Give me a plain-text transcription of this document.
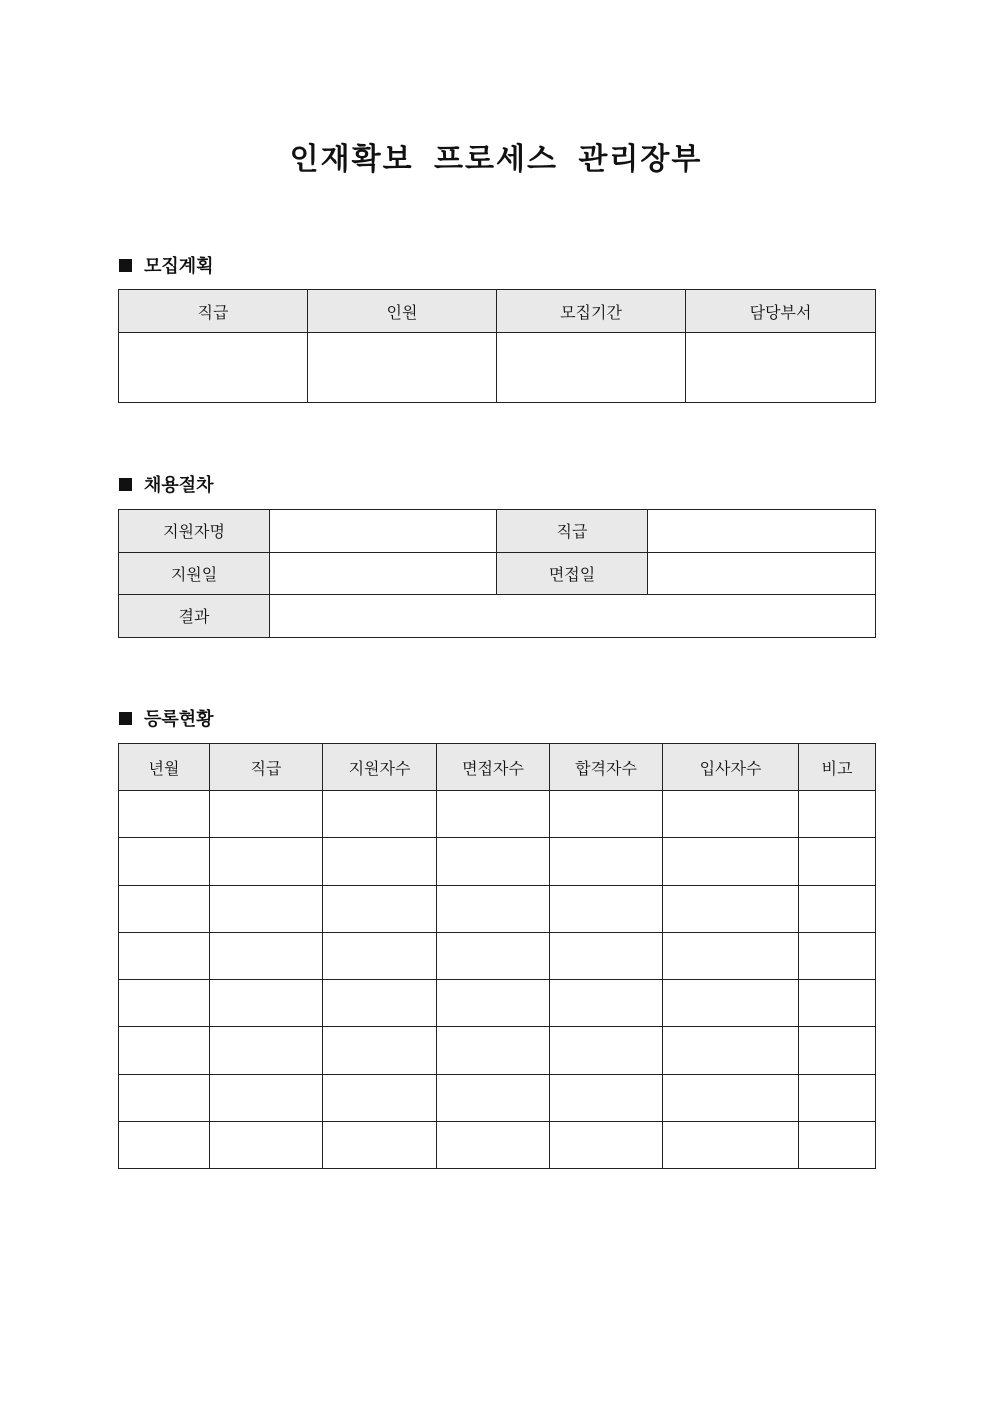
인재확보 프로세스 관리장부
모집계획
직급	인원	모집기간	담당부서

채용절차
지원자명		직급	
지원일		면접일	
결과			
등록현황
년월	직급	지원자수	면접자수	합격자수	입사자수	비고
